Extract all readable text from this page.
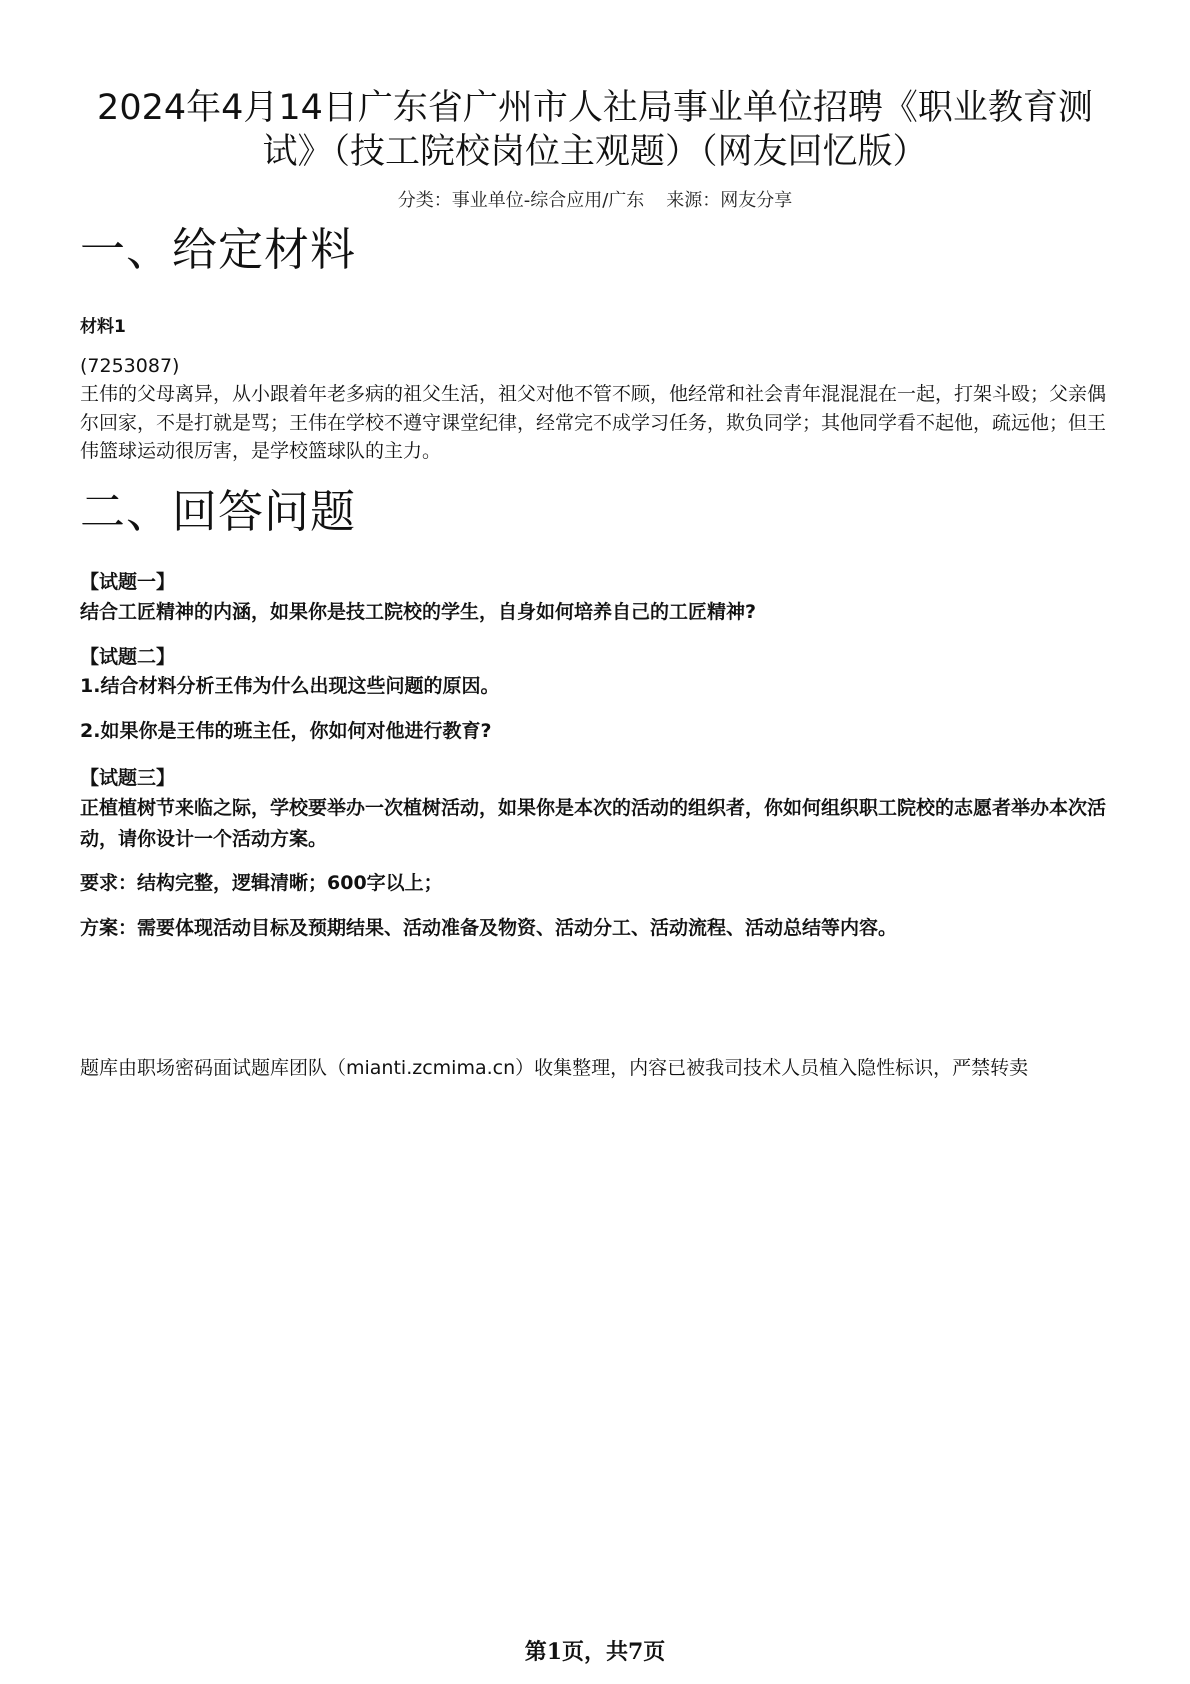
2024年4月14日广东省广州市人社局事业单位招聘《职业教育测
试》（技工院校岗位主观题）（网友回忆版）
分类：事业单位-综合应用/广东 来源：网友分享
一、给定材料
材料1
(7253087)
王伟的父母离异，从小跟着年老多病的祖父生活，祖父对他不管不顾，他经常和社会青年混混混在一起，打架斗殴；父亲偶尔回家，不是打就是骂；王伟在学校不遵守课堂纪律，经常完不成学习任务，欺负同学；其他同学看不起他，疏远他；但王伟篮球运动很厉害，是学校篮球队的主力。
二、回答问题
【试题一】
结合工匠精神的内涵，如果你是技工院校的学生，自身如何培养自己的工匠精神?
【试题二】
1.结合材料分析王伟为什么出现这些问题的原因。
2.如果你是王伟的班主任，你如何对他进行教育?
【试题三】
正植植树节来临之际，学校要举办一次植树活动，如果你是本次的活动的组织者，你如何组织职工院校的志愿者举办本次活动，请你设计一个活动方案。
要求：结构完整，逻辑清晰；600字以上；
方案：需要体现活动目标及预期结果、活动准备及物资、活动分工、活动流程、活动总结等内容。
题库由职场密码面试题库团队（mianti.zcmima.cn）收集整理，内容已被我司技术人员植入隐性标识，严禁转卖
第1页，共7页
